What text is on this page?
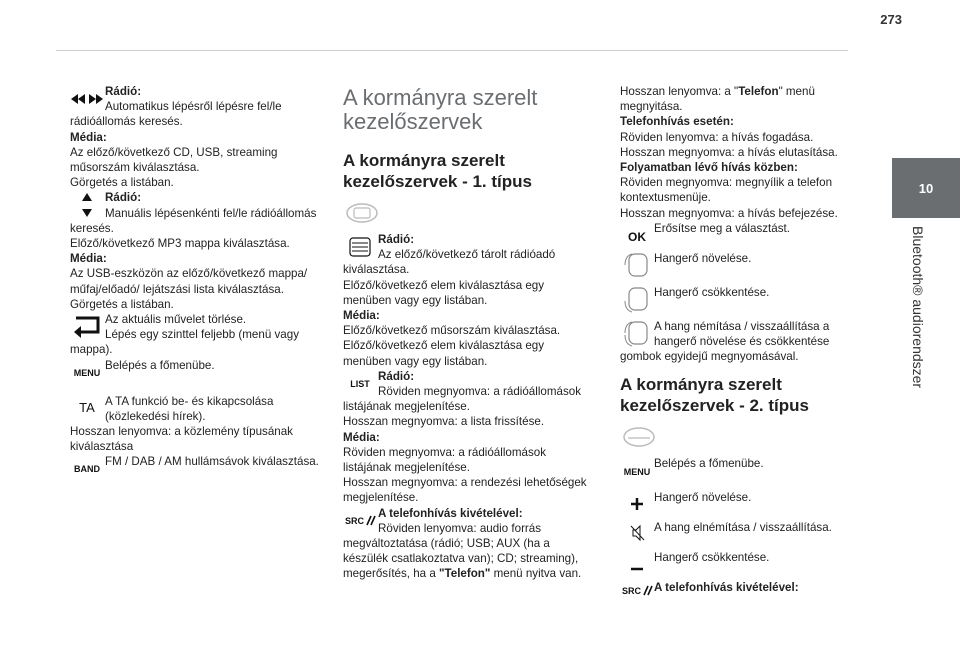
273
10
Bluetooth® audiorendszer

Rádió:

Automatikus lépésről lépésre fel/le

rádióállomás keresés.

Média:

Az előző/következő CD, USB, streaming

műsorszám kiválasztása.

Görgetés a listában.

Rádió:

Manuális lépésenkénti fel/le rádióállomás

keresés.

Előző/következő MP3 mappa kiválasztása.

Média:

Az USB-eszközön az előző/következő mappa/

műfaj/előadó/ lejátszási lista kiválasztása.

Görgetés a listában.

Az aktuális művelet törlése.

Lépés egy szinttel feljebb (menü vagy

mappa).

MENU

Belépés a főmenübe.

TA A TA funkció be- és kikapcsolása

(közlekedési hírek).

Hosszan lenyomva: a közlemény típusának

kiválasztása

BAND

FM / DAB / AM hullámsávok kiválasztása.

A kormányra szerelt
kezelőszervek
A kormányra szerelt
kezelőszervek - 1. típus

Rádió:

Az előző/következő tárolt rádióadó

kiválasztása.

Előző/következő elem kiválasztása egy

menüben vagy egy listában.

Média:

Előző/következő műsorszám kiválasztása.

Előző/következő elem kiválasztása egy

menüben vagy egy listában.

LIST

Rádió:

Röviden megnyomva: a rádióállomások

listájának megjelenítése.

Hosszan megnyomva: a lista frissítése.

Média:

Röviden megnyomva: a rádióállomások

listájának megjelenítése.

Hosszan megnyomva: a rendezési lehetőségek

megjelenítése.

SRC

A telefonhívás kivételével:

Röviden lenyomva: audio forrás

megváltoztatása (rádió; USB; AUX (ha a

készülék csatlakoztatva van); CD; streaming),

megerősítés, ha a "Telefon" menü nyitva van.

Hosszan lenyomva: a "Telefon" menü

megnyitása.

Telefonhívás esetén:

Röviden lenyomva: a hívás fogadása.

Hosszan megnyomva: a hívás elutasítása.

Folyamatban lévő hívás közben:

Röviden megnyomva: megnyílik a telefon

kontextusmenüje.

Hosszan megnyomva: a hívás befejezése.

OK

Erősítse meg a választást.

Hangerő növelése.

Hangerő csökkentése.

A hang némítása / visszaállítása a

hangerő növelése és csökkentése

gombok egyidejű megnyomásával.

A kormányra szerelt
kezelőszervek - 2. típus
MENU

Belépés a főmenübe.

Hangerő növelése.

A hang elnémítása / visszaállítása.

Hangerő csökkentése.

SRC	A telefonhívás kivételével:
